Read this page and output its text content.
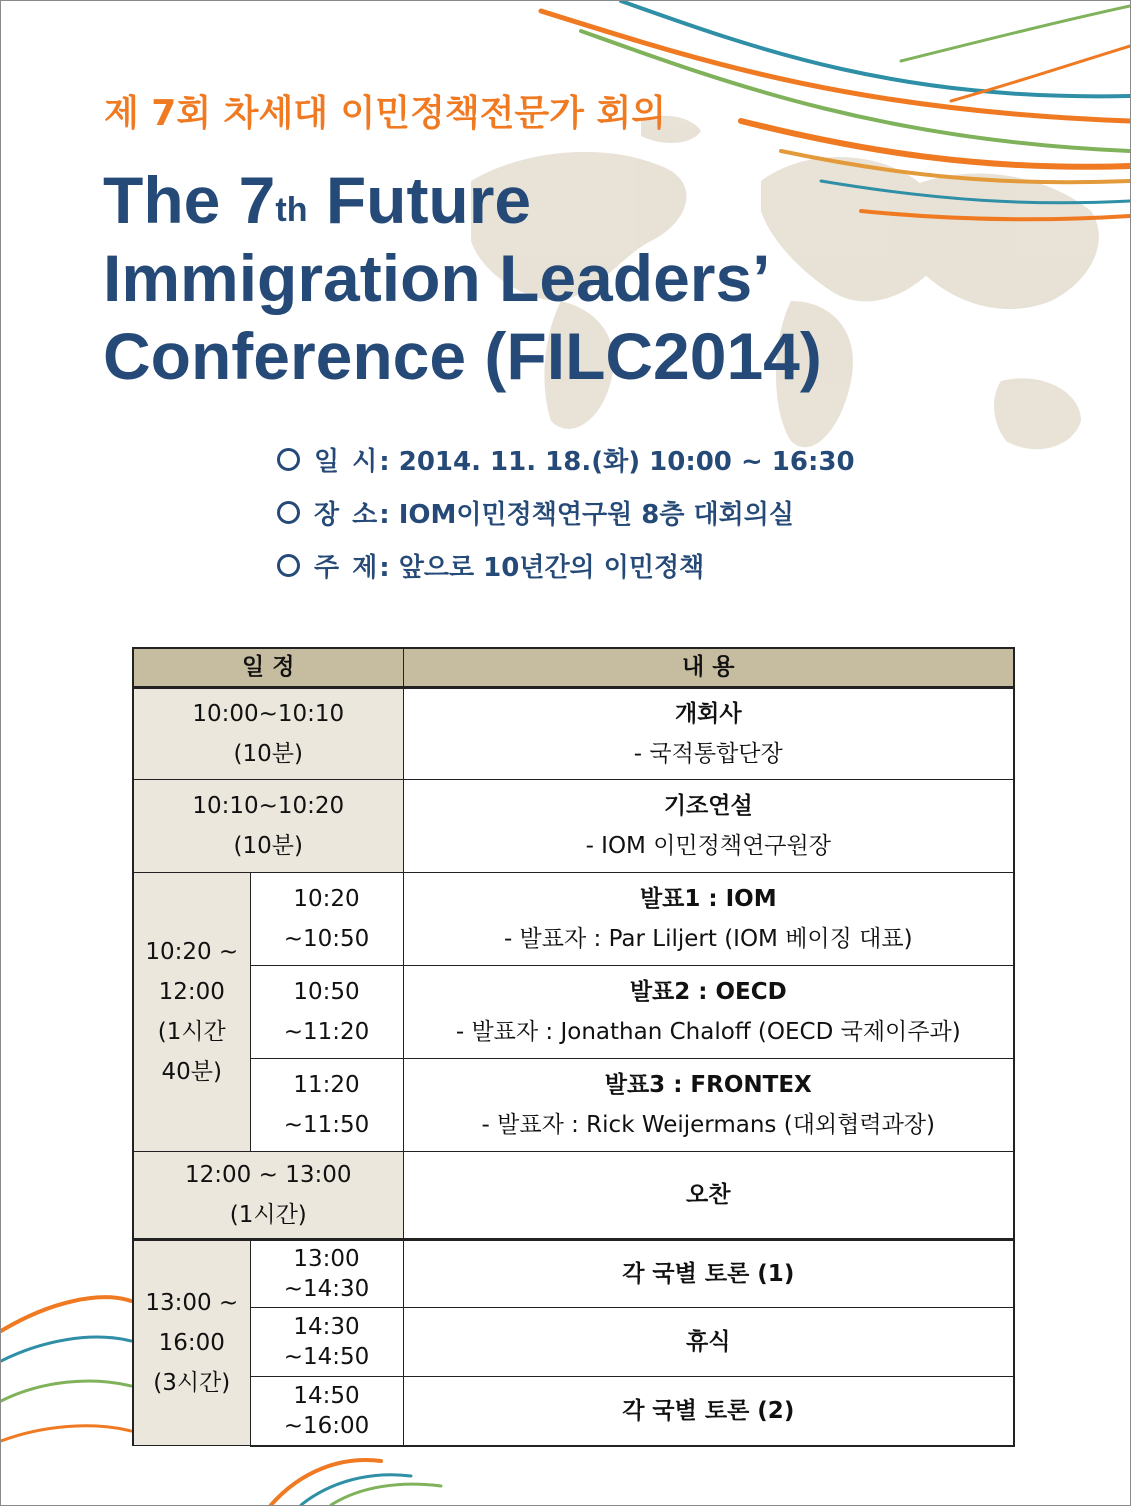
제 7회 차세대 이민정책전문가 회의
The 7th Future
Immigration Leaders’
Conference (FILC2014)
일 시 : 2014. 11. 18.(화) 10:00 ~ 16:30
장 소 : IOM이민정책연구원 8층 대회의실
주 제 : 앞으로 10년간의 이민정책
일 정		내 용

10:00~10:10
(10분)		개회사
- 국적통합단장

10:10~10:20
(10분)		기조연설
- IOM 이민정책연구원장

10:20 ~
12:00
(1시간
40분)	10:20
~10:50	발표1 : IOM
- 발표자 : Par Liljert (IOM 베이징 대표)

	10:50
~11:20	발표2 : OECD
- 발표자 : Jonathan Chaloff (OECD 국제이주과)

	11:20
~11:50	발표3 : FRONTEX
- 발표자 : Rick Weijermans (대외협력과장)

12:00 ~ 13:00
(1시간)		오찬

13:00 ~
16:00
(3시간)	13:00
~14:30	각 국별 토론 (1)

	14:30
~14:50	휴식

	14:50
~16:00	각 국별 토론 (2)
